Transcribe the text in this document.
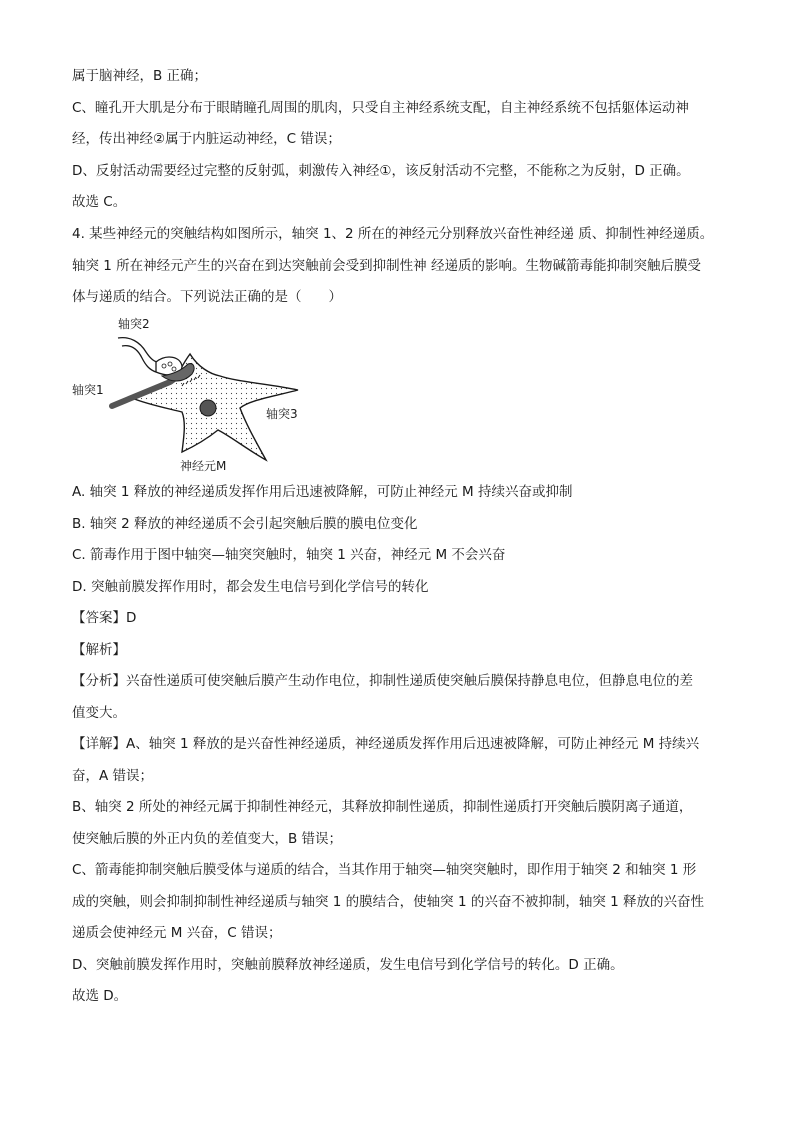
属于脑神经，B 正确；
C、瞳孔开大肌是分布于眼睛瞳孔周围的肌肉，只受自主神经系统支配，自主神经系统不包括躯体运动神
经，传出神经②属于内脏运动神经，C 错误；
D、反射活动需要经过完整的反射弧，刺激传入神经①，该反射活动不完整，不能称之为反射，D 正确。
故选 C。
4. 某些神经元的突触结构如图所示，轴突 1、2 所在的神经元分别释放兴奋性神经递 质、抑制性神经递质。
轴突 1 所在神经元产生的兴奋在到达突触前会受到抑制性神 经递质的影响。生物碱箭毒能抑制突触后膜受
体与递质的结合。下列说法正确的是（　　）
轴突2
轴突1
轴突3
神经元M
A. 轴突 1 释放的神经递质发挥作用后迅速被降解，可防止神经元 M 持续兴奋或抑制
B. 轴突 2 释放的神经递质不会引起突触后膜的膜电位变化
C. 箭毒作用于图中轴突—轴突突触时，轴突 1 兴奋，神经元 M 不会兴奋
D. 突触前膜发挥作用时，都会发生电信号到化学信号的转化
【答案】D
【解析】
【分析】兴奋性递质可使突触后膜产生动作电位，抑制性递质使突触后膜保持静息电位，但静息电位的差
值变大。
【详解】A、轴突 1 释放的是兴奋性神经递质，神经递质发挥作用后迅速被降解，可防止神经元 M 持续兴
奋，A 错误；
B、轴突 2 所处的神经元属于抑制性神经元，其释放抑制性递质，抑制性递质打开突触后膜阴离子通道，
使突触后膜的外正内负的差值变大，B 错误；
C、箭毒能抑制突触后膜受体与递质的结合，当其作用于轴突—轴突突触时，即作用于轴突 2 和轴突 1 形
成的突触，则会抑制抑制性神经递质与轴突 1 的膜结合，使轴突 1 的兴奋不被抑制，轴突 1 释放的兴奋性
递质会使神经元 M 兴奋，C 错误；
D、突触前膜发挥作用时，突触前膜释放神经递质，发生电信号到化学信号的转化。D 正确。
故选 D。
